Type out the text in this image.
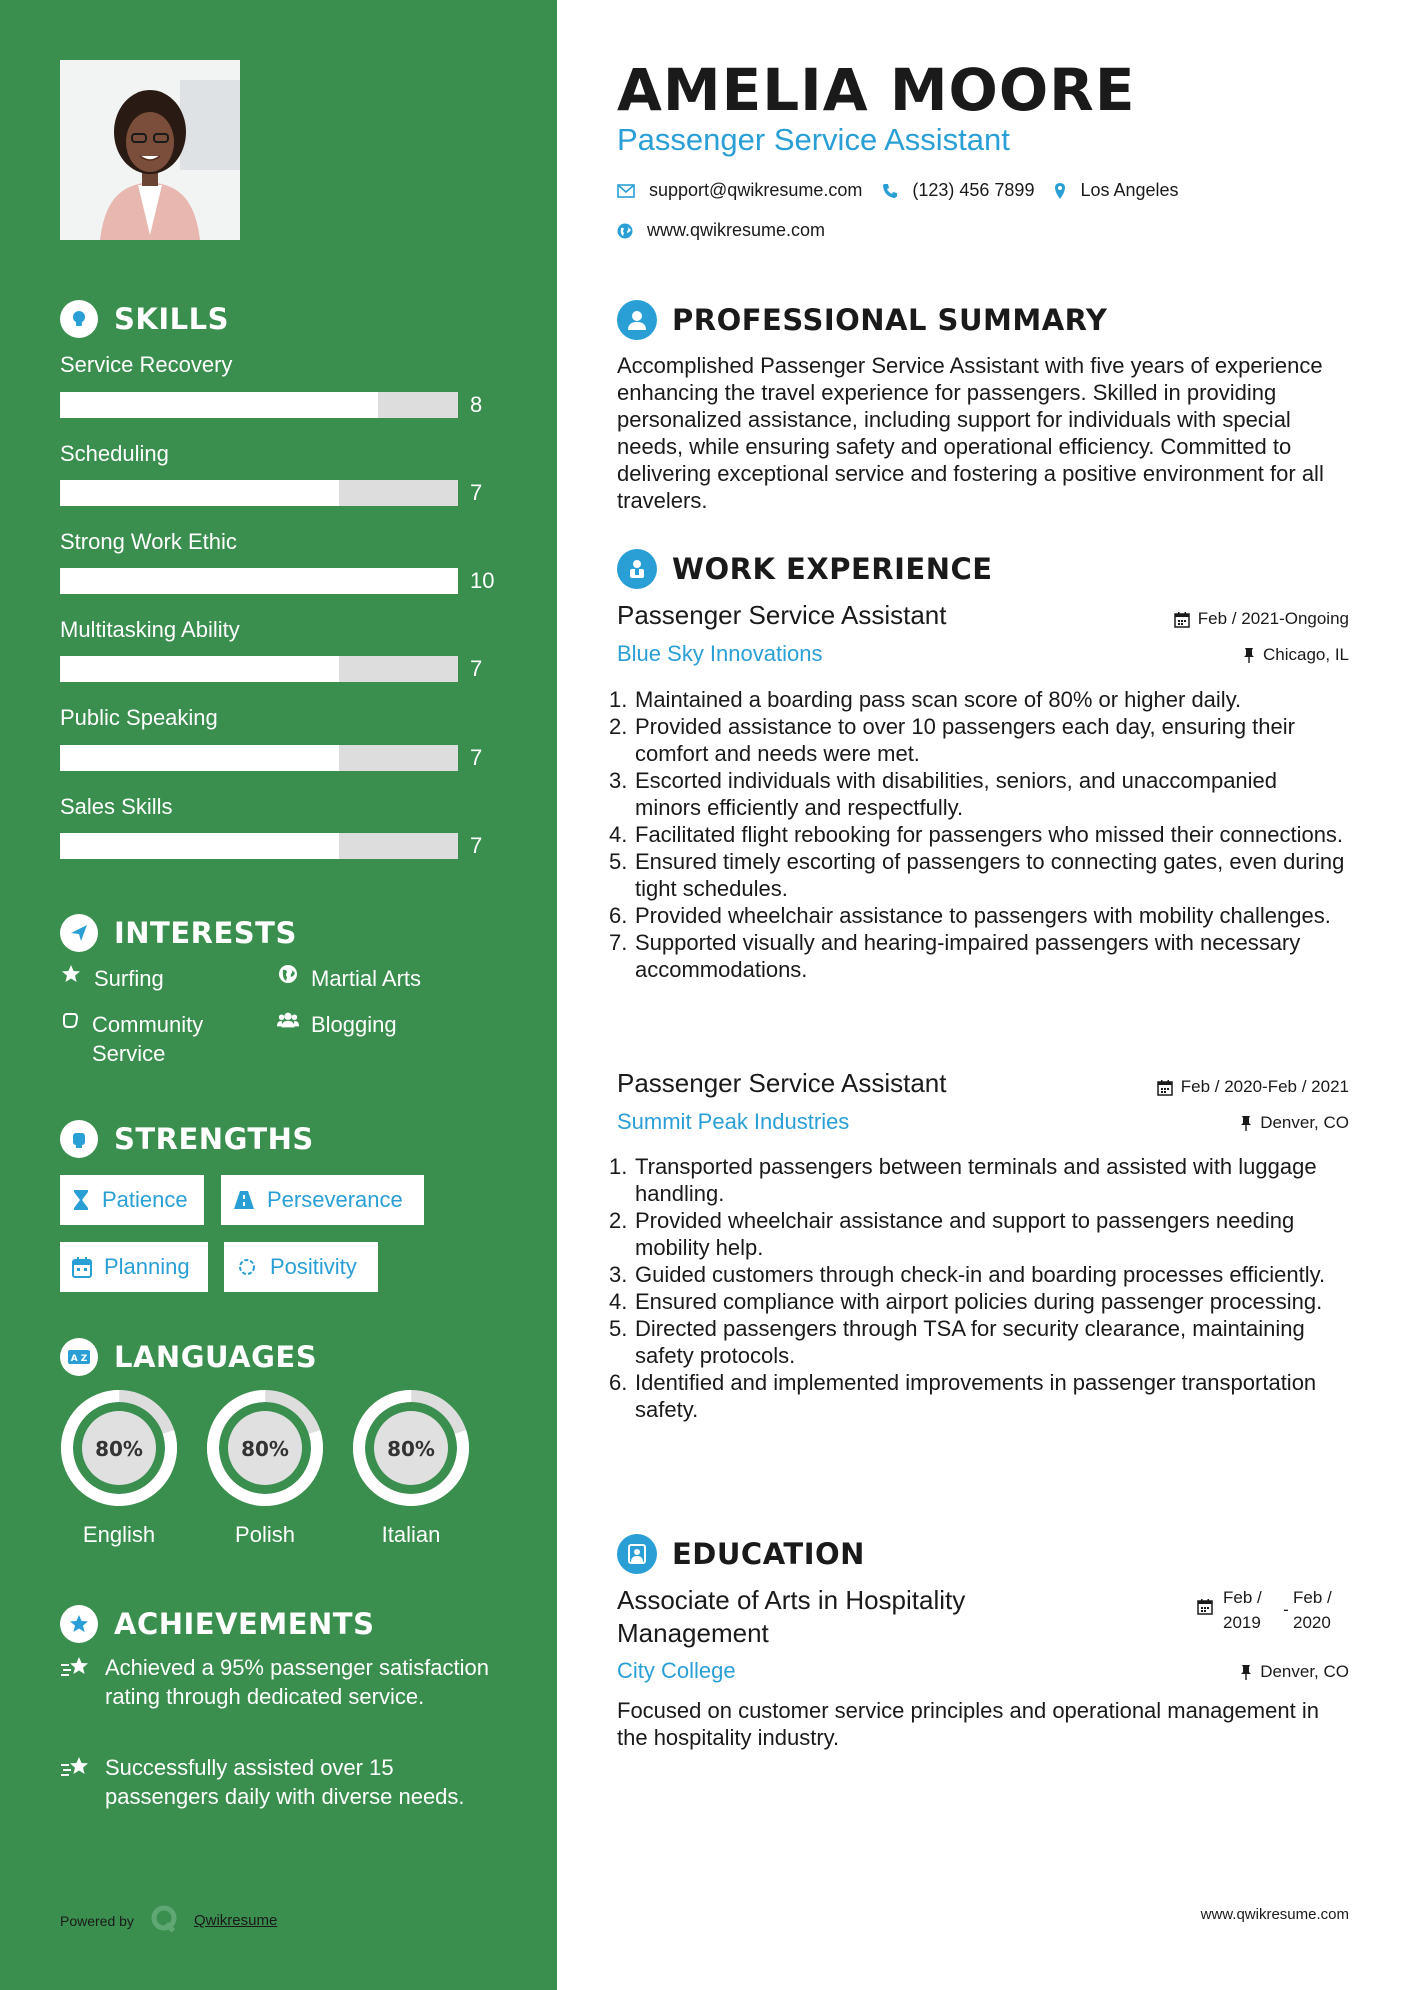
SKILLS
Service Recovery
8
Scheduling
7
Strong Work Ethic
10
Multitasking Ability
7
Public Speaking
7
Sales Skills
7
INTERESTS
Surfing	Martial Arts
Community Service
Blogging
STRENGTHS
Patience	Perseverance
Planning	Positivity
A Z LANGUAGES
80%
English
80%
Polish
80%
Italian
ACHIEVEMENTS
Achieved a 95% passenger satisfaction rating through dedicated service.
Successfully assisted over 15 passengers daily with diverse needs.
Powered by	Qwikresume
AMELIA MOORE
Passenger Service Assistant
support@qwikresume.com	(123) 456 7899	Los Angeles
www.qwikresume.com
PROFESSIONAL SUMMARY
Accomplished Passenger Service Assistant with five years of experience enhancing the travel experience for passengers. Skilled in providing personalized assistance, including support for individuals with special needs, while ensuring safety and operational efficiency. Committed to delivering exceptional service and fostering a positive environment for all travelers.
WORK EXPERIENCE
Passenger Service Assistant	Feb / 2021-Ongoing
Blue Sky Innovations	Chicago, IL
1. Maintained a boarding pass scan score of 80% or higher daily.
2. Provided assistance to over 10 passengers each day, ensuring their comfort and needs were met.
3. Escorted individuals with disabilities, seniors, and unaccompanied minors efficiently and respectfully.
4. Facilitated flight rebooking for passengers who missed their connections.
5. Ensured timely escorting of passengers to connecting gates, even during tight schedules.
6. Provided wheelchair assistance to passengers with mobility challenges.
7. Supported visually and hearing-impaired passengers with necessary accommodations.
Passenger Service Assistant	Feb / 2020-Feb / 2021
Summit Peak Industries	Denver, CO
1. Transported passengers between terminals and assisted with luggage handling.
2. Provided wheelchair assistance and support to passengers needing mobility help.
3. Guided customers through check-in and boarding processes efficiently.
4. Ensured compliance with airport policies during passenger processing.
5. Directed passengers through TSA for security clearance, maintaining safety protocols.
6. Identified and implemented improvements in passenger transportation safety.
EDUCATION
Associate of Arts in Hospitality Management
Feb / 2019
-
Feb / 2020
City College	Denver, CO
Focused on customer service principles and operational management in the hospitality industry.
www.qwikresume.com
